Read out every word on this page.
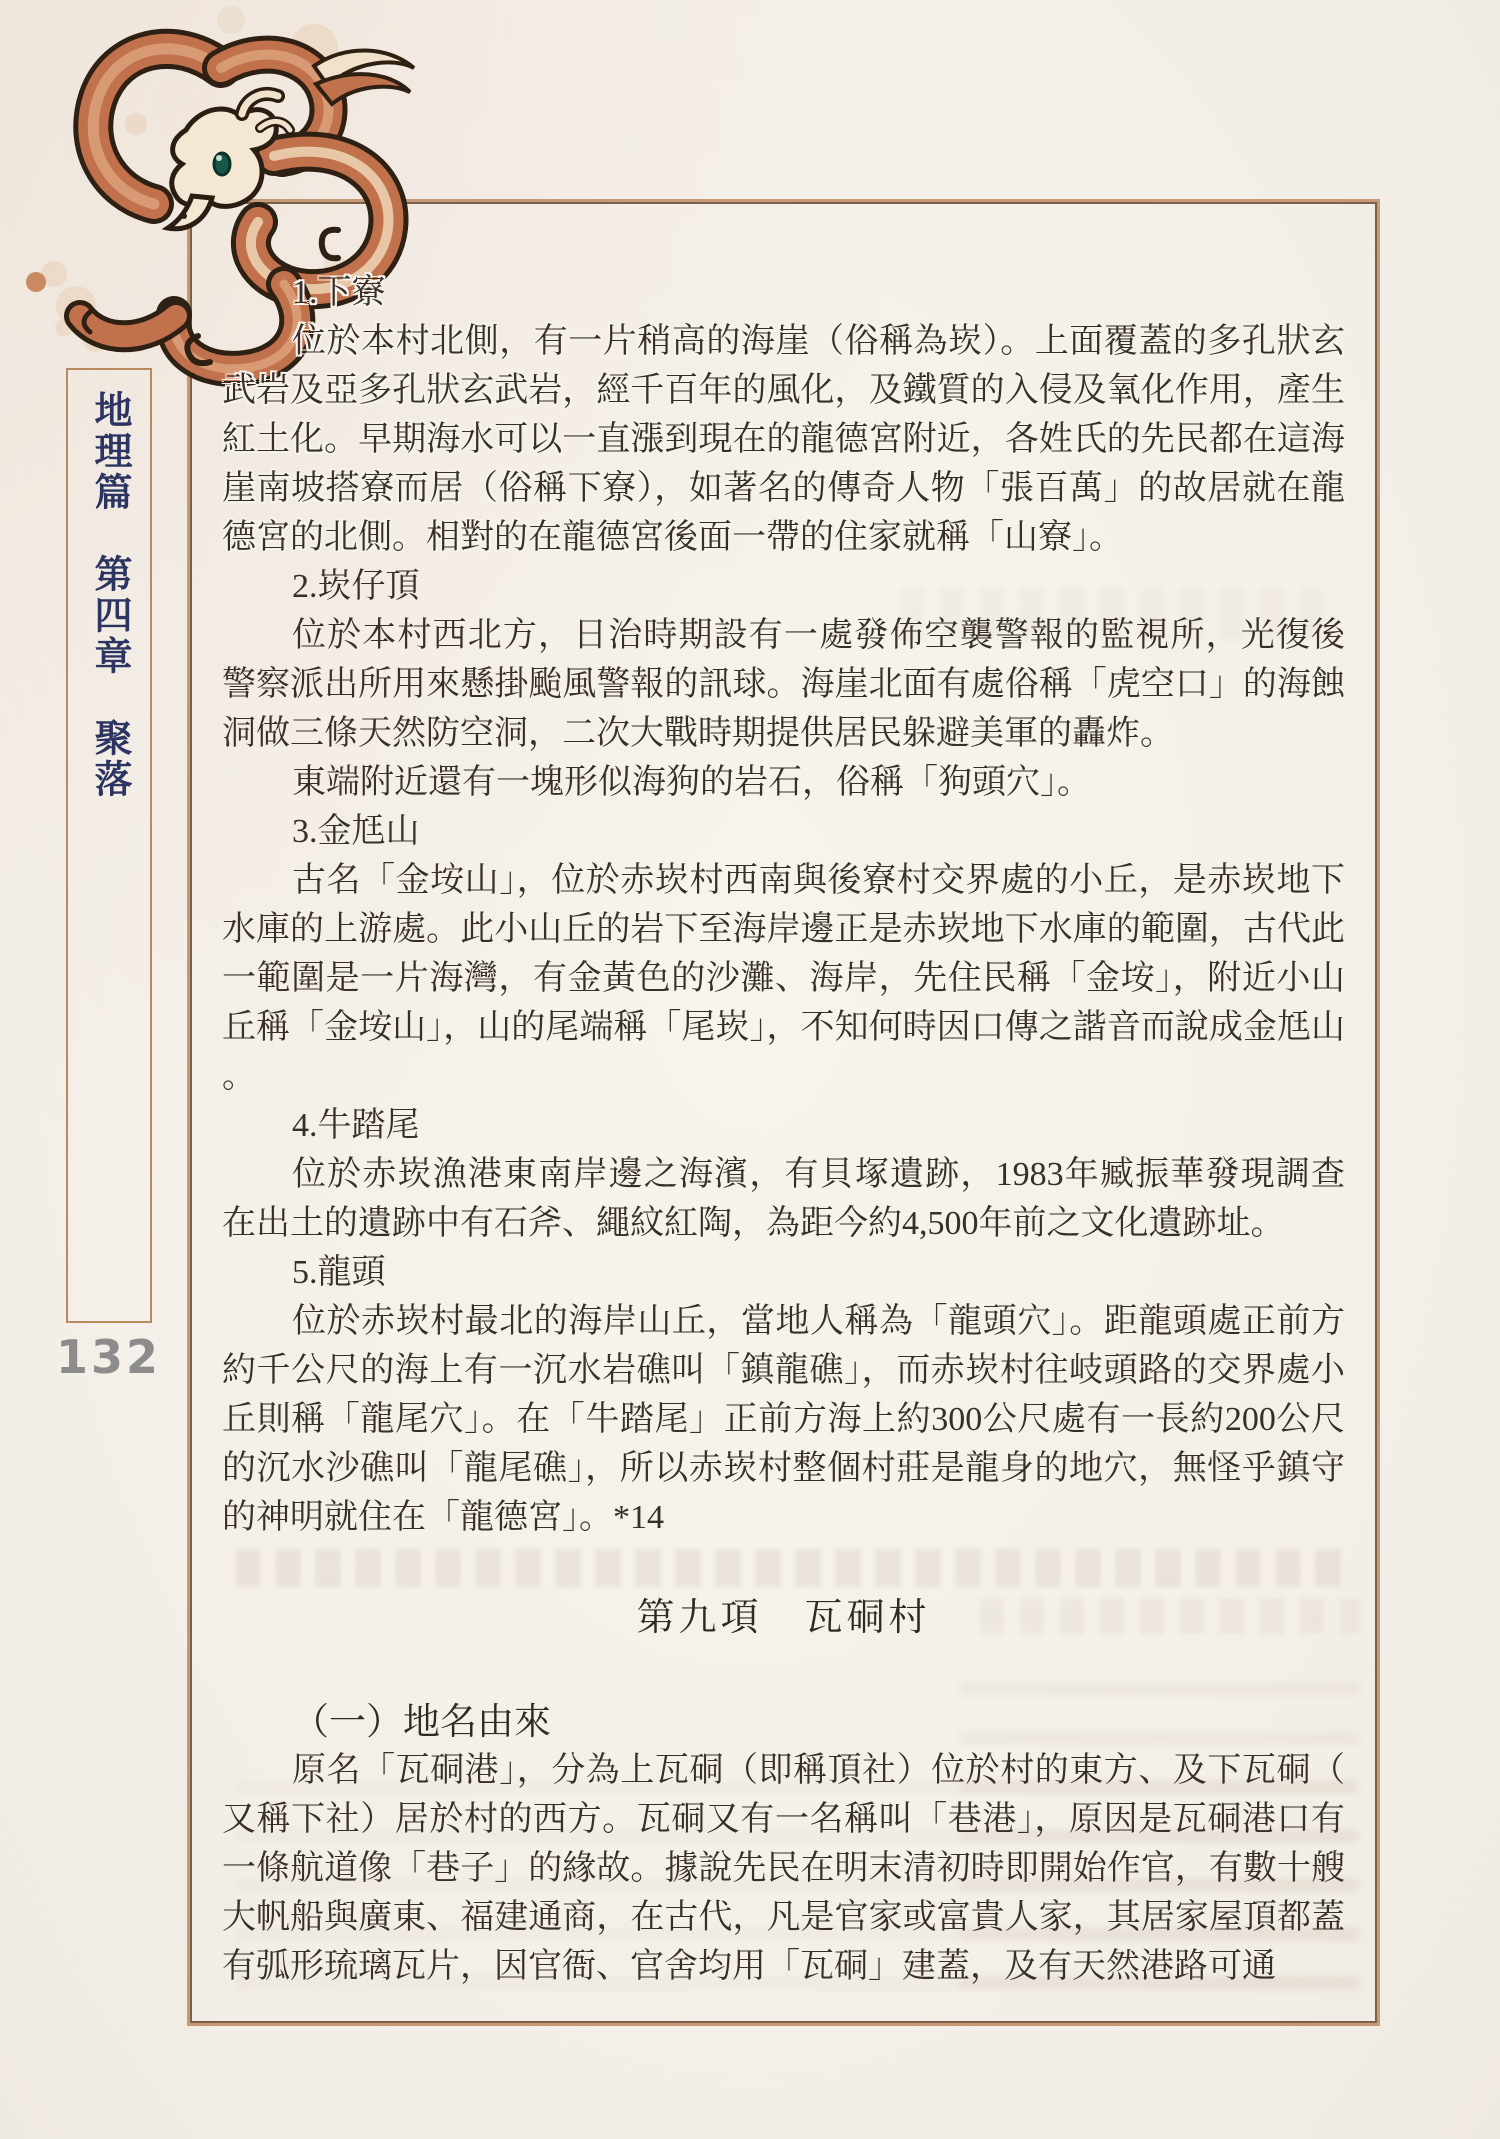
地理篇　第四章　聚落
132

1.下寮

位於本村北側，有一片稍高的海崖（俗稱為崁）。上面覆蓋的多孔狀玄武岩及亞多孔狀玄武岩，經千百年的風化，及鐵質的入侵及氧化作用，產生紅土化。早期海水可以一直漲到現在的龍德宮附近，各姓氏的先民都在這海崖南坡搭寮而居（俗稱下寮），如著名的傳奇人物「張百萬」的故居就在龍德宮的北側。相對的在龍德宮後面一帶的住家就稱「山寮」。

2.崁仔頂

位於本村西北方，日治時期設有一處發佈空襲警報的監視所，光復後警察派出所用來懸掛颱風警報的訊球。海崖北面有處俗稱「虎空口」的海蝕洞做三條天然防空洞，二次大戰時期提供居民躲避美軍的轟炸。

東端附近還有一塊形似海狗的岩石，俗稱「狗頭穴」。

3.金尪山

古名「金垵山」，位於赤崁村西南與後寮村交界處的小丘，是赤崁地下水庫的上游處。此小山丘的岩下至海岸邊正是赤崁地下水庫的範圍，古代此一範圍是一片海灣，有金黃色的沙灘、海岸，先住民稱「金垵」，附近小山丘稱「金垵山」，山的尾端稱「尾崁」，不知何時因口傳之諧音而說成金尪山。

4.牛踏尾

位於赤崁漁港東南岸邊之海濱，有貝塚遺跡，1983年臧振華發現調查在出土的遺跡中有石斧、繩紋紅陶，為距今約4,500年前之文化遺跡址。

5.龍頭

位於赤崁村最北的海岸山丘，當地人稱為「龍頭穴」。距龍頭處正前方約千公尺的海上有一沉水岩礁叫「鎮龍礁」，而赤崁村往岐頭路的交界處小丘則稱「龍尾穴」。在「牛踏尾」正前方海上約300公尺處有一長約200公尺的沉水沙礁叫「龍尾礁」，所以赤崁村整個村莊是龍身的地穴，無怪乎鎮守的神明就住在「龍德宮」。*14

第九項　瓦硐村
（一）地名由來

原名「瓦硐港」，分為上瓦硐（即稱頂社）位於村的東方、及下瓦硐（又稱下社）居於村的西方。瓦硐又有一名稱叫「巷港」，原因是瓦硐港口有一條航道像「巷子」的緣故。據說先民在明末清初時即開始作官，有數十艘大帆船與廣東、福建通商，在古代，凡是官家或富貴人家，其居家屋頂都蓋有弧形琉璃瓦片，因官衙、官舍均用「瓦硐」建蓋，及有天然港路可通
